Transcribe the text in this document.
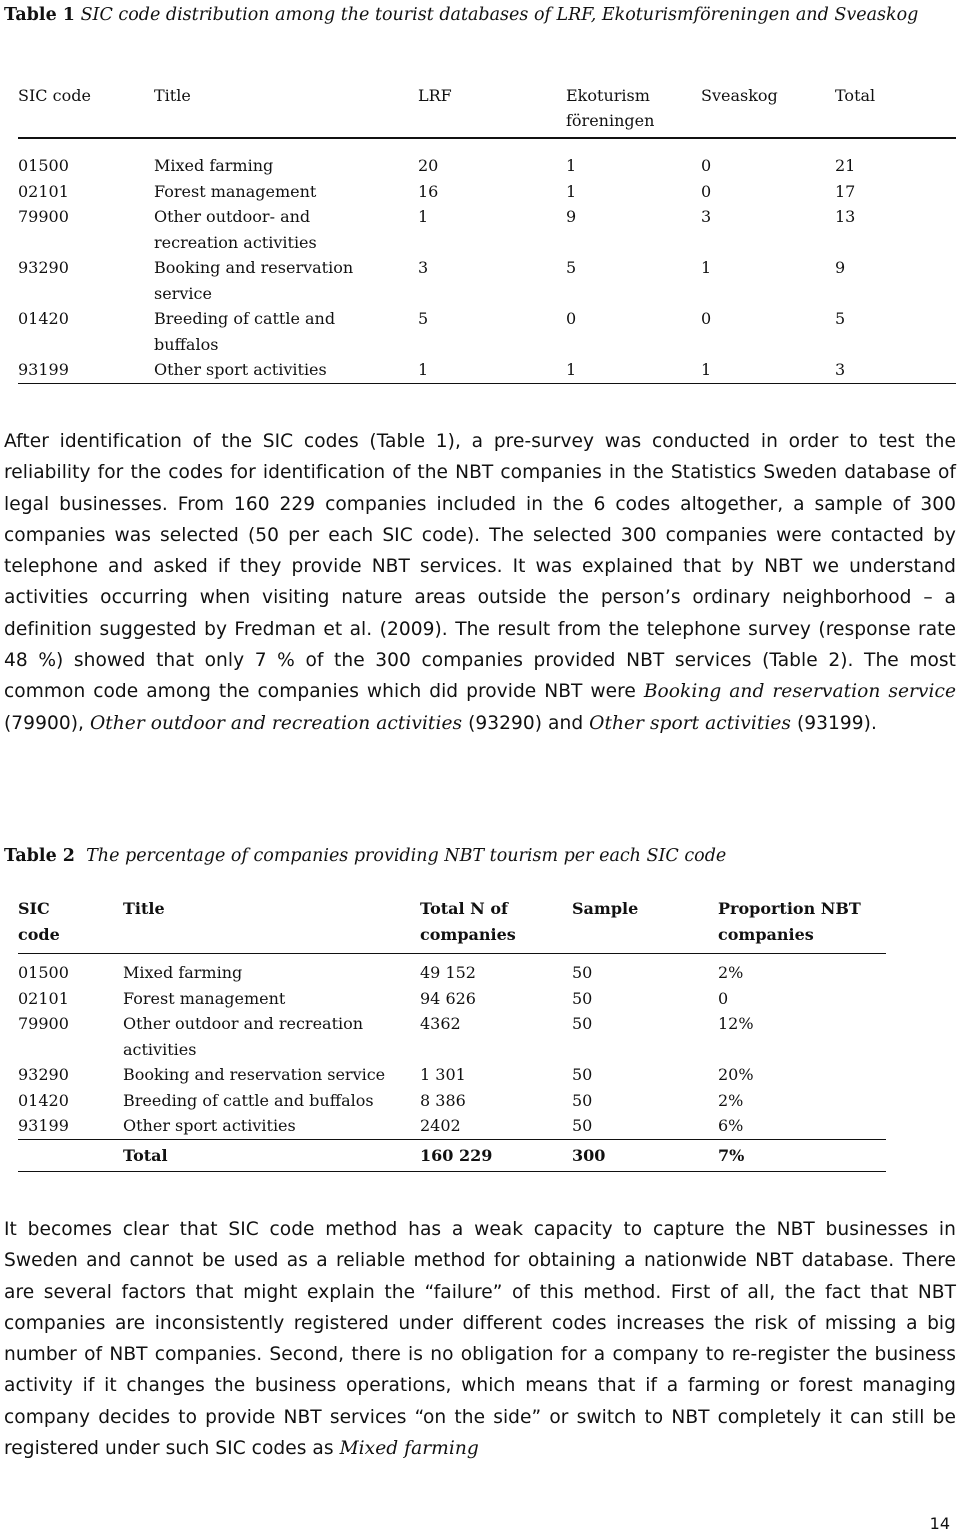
Table 1 SIC code distribution among the tourist databases of LRF, Ekoturismföreningen and Sveaskog
SIC code	Title	LRF	Ekoturism föreningen	Sveaskog	Total
01500	Mixed farming	20	1	0	21
02101	Forest management	16	1	0	17
79900	Other outdoor- and recreation activities	1	9	3	13
93290	Booking and reservation service	3	5	1	9
01420	Breeding of cattle and buffalos	5	0	0	5
93199	Other sport activities	1	1	1	3

After identification of the SIC codes (Table 1), a pre-survey was conducted in order to test the reliability for the codes for identification of the NBT companies in the Statistics Sweden database of legal businesses. From 160 229 companies included in the 6 codes altogether, a sample of 300 companies was selected (50 per each SIC code). The selected 300 companies were contacted by telephone and asked if they provide NBT services. It was explained that by NBT we understand activities occurring when visiting nature areas outside the person’s ordinary neighborhood – a definition suggested by Fredman et al. (2009). The result from the telephone survey (response rate 48 %) showed that only 7 % of the 300 companies provided NBT services (Table 2). The most common code among the companies which did provide NBT were Booking and reservation service (79900), Other outdoor and recreation activities (93290) and Other sport activities (93199).

Table 2 The percentage of companies providing NBT tourism per each SIC code
SIC code	Title	Total N of companies	Sample	Proportion NBT companies
01500	Mixed farming	49 152	50	2%
02101	Forest management	94 626	50	0
79900	Other outdoor and recreation activities	4362	50	12%
93290	Booking and reservation service	1 301	50	20%
01420	Breeding of cattle and buffalos	8 386	50	2%
93199	Other sport activities	2402	50	6%
	Total	160 229	300	7%

It becomes clear that SIC code method has a weak capacity to capture the NBT businesses in Sweden and cannot be used as a reliable method for obtaining a nationwide NBT database. There are several factors that might explain the “failure” of this method. First of all, the fact that NBT companies are inconsistently registered under different codes increases the risk of missing a big number of NBT companies. Second, there is no obligation for a company to re-register the business activity if it changes the business operations, which means that if a farming or forest managing company decides to provide NBT services “on the side” or switch to NBT completely it can still be registered under such SIC codes as Mixed farming

14
